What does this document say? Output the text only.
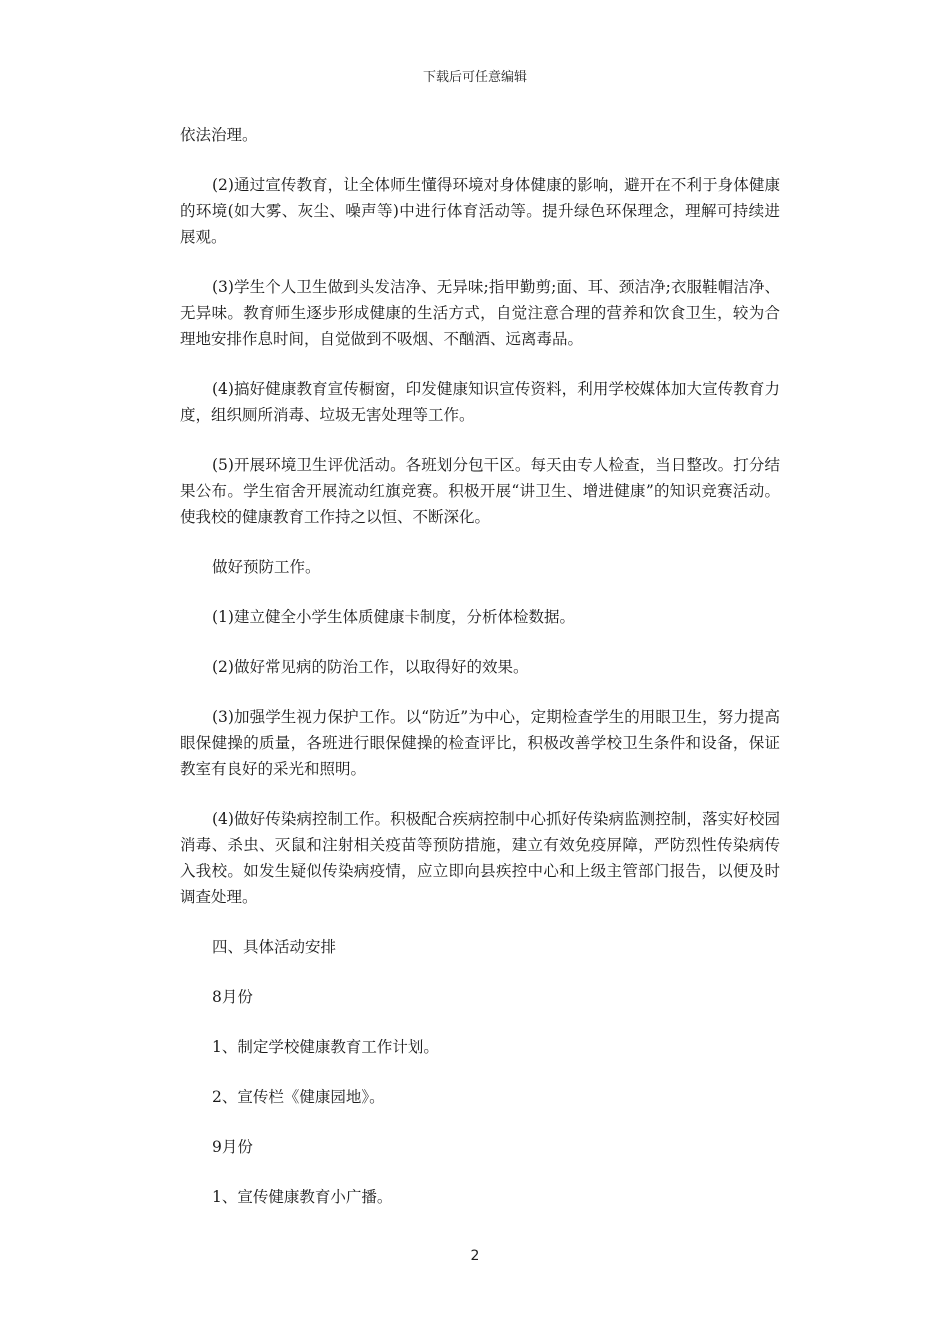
下载后可任意编辑

依法治理。

(2)通过宣传教育，让全体师生懂得环境对身体健康的影响，避开在不利于身体健康的环境(如大雾、灰尘、噪声等)中进行体育活动等。提升绿色环保理念，理解可持续进展观。

(3)学生个人卫生做到头发洁净、无异味;指甲勤剪;面、耳、颈洁净;衣服鞋帽洁净、无异味。教育师生逐步形成健康的生活方式，自觉注意合理的营养和饮食卫生，较为合理地安排作息时间，自觉做到不吸烟、不酗酒、远离毒品。

(4)搞好健康教育宣传橱窗，印发健康知识宣传资料，利用学校媒体加大宣传教育力度，组织厕所消毒、垃圾无害处理等工作。

(5)开展环境卫生评优活动。各班划分包干区。每天由专人检查，当日整改。打分结果公布。学生宿舍开展流动红旗竞赛。积极开展“讲卫生、增进健康”的知识竞赛活动。使我校的健康教育工作持之以恒、不断深化。

做好预防工作。

(1)建立健全小学生体质健康卡制度，分析体检数据。

(2)做好常见病的防治工作，以取得好的效果。

(3)加强学生视力保护工作。以“防近”为中心，定期检查学生的用眼卫生，努力提高眼保健操的质量，各班进行眼保健操的检查评比，积极改善学校卫生条件和设备，保证教室有良好的采光和照明。

(4)做好传染病控制工作。积极配合疾病控制中心抓好传染病监测控制，落实好校园消毒、杀虫、灭鼠和注射相关疫苗等预防措施，建立有效免疫屏障，严防烈性传染病传入我校。如发生疑似传染病疫情，应立即向县疾控中心和上级主管部门报告，以便及时调查处理。

四、具体活动安排

8月份

1、制定学校健康教育工作计划。

2、宣传栏《健康园地》。

9月份

1、宣传健康教育小广播。

2
